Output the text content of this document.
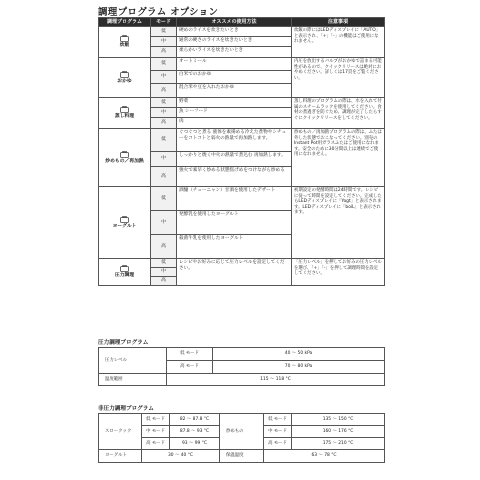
調理プログラム オプション
調理プログラム	モード	オススメの使用方法	注意事項

炊飯	低	硬めのライスを炊きたいとき	炊飯の際にはLEDディスプレイに「AUTO」と表示され、「+」「-」の機能はご使用になれません。
	中	通常の硬さのライスを炊きたいとき	
	高	柔らかいライスを炊きたいとき	

おかゆ	低	オートミール	内圧を放出するバルブがおかゆで詰まる可能性があるので、クイックリリースは絶対におやめください。詳しくは17頁をご覧ください。
	中	白米でのおかゆ	
	高	混合米や豆を入れたおかゆ	

蒸し料理	低	野菜	蒸し料理のプログラムの際は、水を入れて付属のスチームラックを使用してください。食材の煮過ぎを防ぐため、調理が完了したらすぐにクイックリリースをしてください。
	中	魚 シーフード	
	高	肉	

炒めもの／再加熱	低	ぐつぐつと煮る 液体を素揚める冷えた煮物やシチューをコトコトと弱火の熱量で再加熱します。	炒めもの／再加熱プログラムの際は、ふたは外した状態でおこなってください。別売のInstant Pot用ガラスふたはご使用になれます。安全のために30分間以上は連続でご使用になれません。
	中	しっかりと焼く中火の熱量で煮込む 再加熱します。	
	高	強火で素早く炒める状態焦げめをつけながら炒める	

ヨーグルト	低	酒醸（チューニャン）甘酒を使用したデザート	初期設定の発酵時間は24時間です。レシピに従って時間を設定してください。完成したらLEDディスプレイに「Yogt」と表示されます。LEDディスプレイに「boiL」と表示されます。
	中	発酵乳を使用したヨーグルト	
	高	殺菌牛乳を使用したヨーグルト	

圧力調理	低	レシピやお好みに応じて圧力レベルを設定してください。	「圧力レベル」を押してお好みの圧力レベルを選び、「+」「-」を押して調理時間を設定してください。
	中		
	高		
圧力調理プログラム
圧力レベル	低 モード	40 〜 50 kPa
	高 モード	70 〜 80 kPa
温度範囲	115 〜 118 °C	
非圧力調理プログラム
スロークック	低 モード	82 〜 87.8 °C	炒めもの	低 モード	135 〜 150 °C
	中 モード	87.8 〜 93 °C		中 モード	160 〜 176 °C
	高 モード	93 〜 99 °C		高 モード	175 〜 210 °C
ヨーグルト	30 〜 40 °C		保温温度	63 〜 78 °C	
